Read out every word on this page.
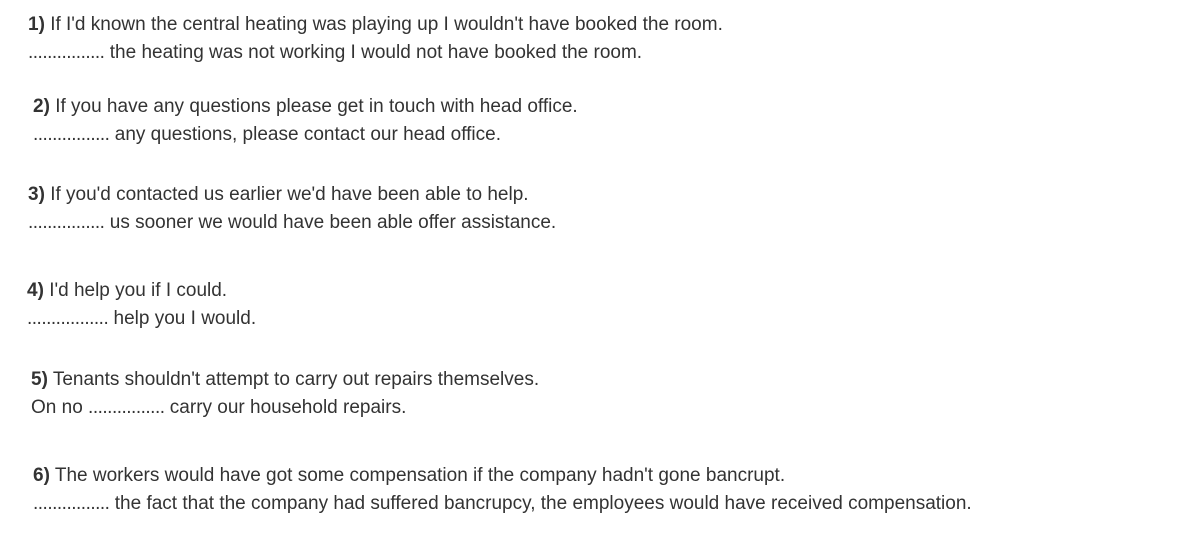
1) If I'd known the central heating was playing up I wouldn't have booked the room.
................ the heating was not working I would not have booked the room.
2) If you have any questions please get in touch with head office.
................ any questions, please contact our head office.
3) If you'd contacted us earlier we'd have been able to help.
................ us sooner we would have been able offer assistance.
4) I'd help you if I could.
................. help you I would.
5) Tenants shouldn't attempt to carry out repairs themselves.
On no ................ carry our household repairs.
6) The workers would have got some compensation if the company hadn't gone bancrupt.
................ the fact that the company had suffered bancrupcy, the employees would have received compensation.
